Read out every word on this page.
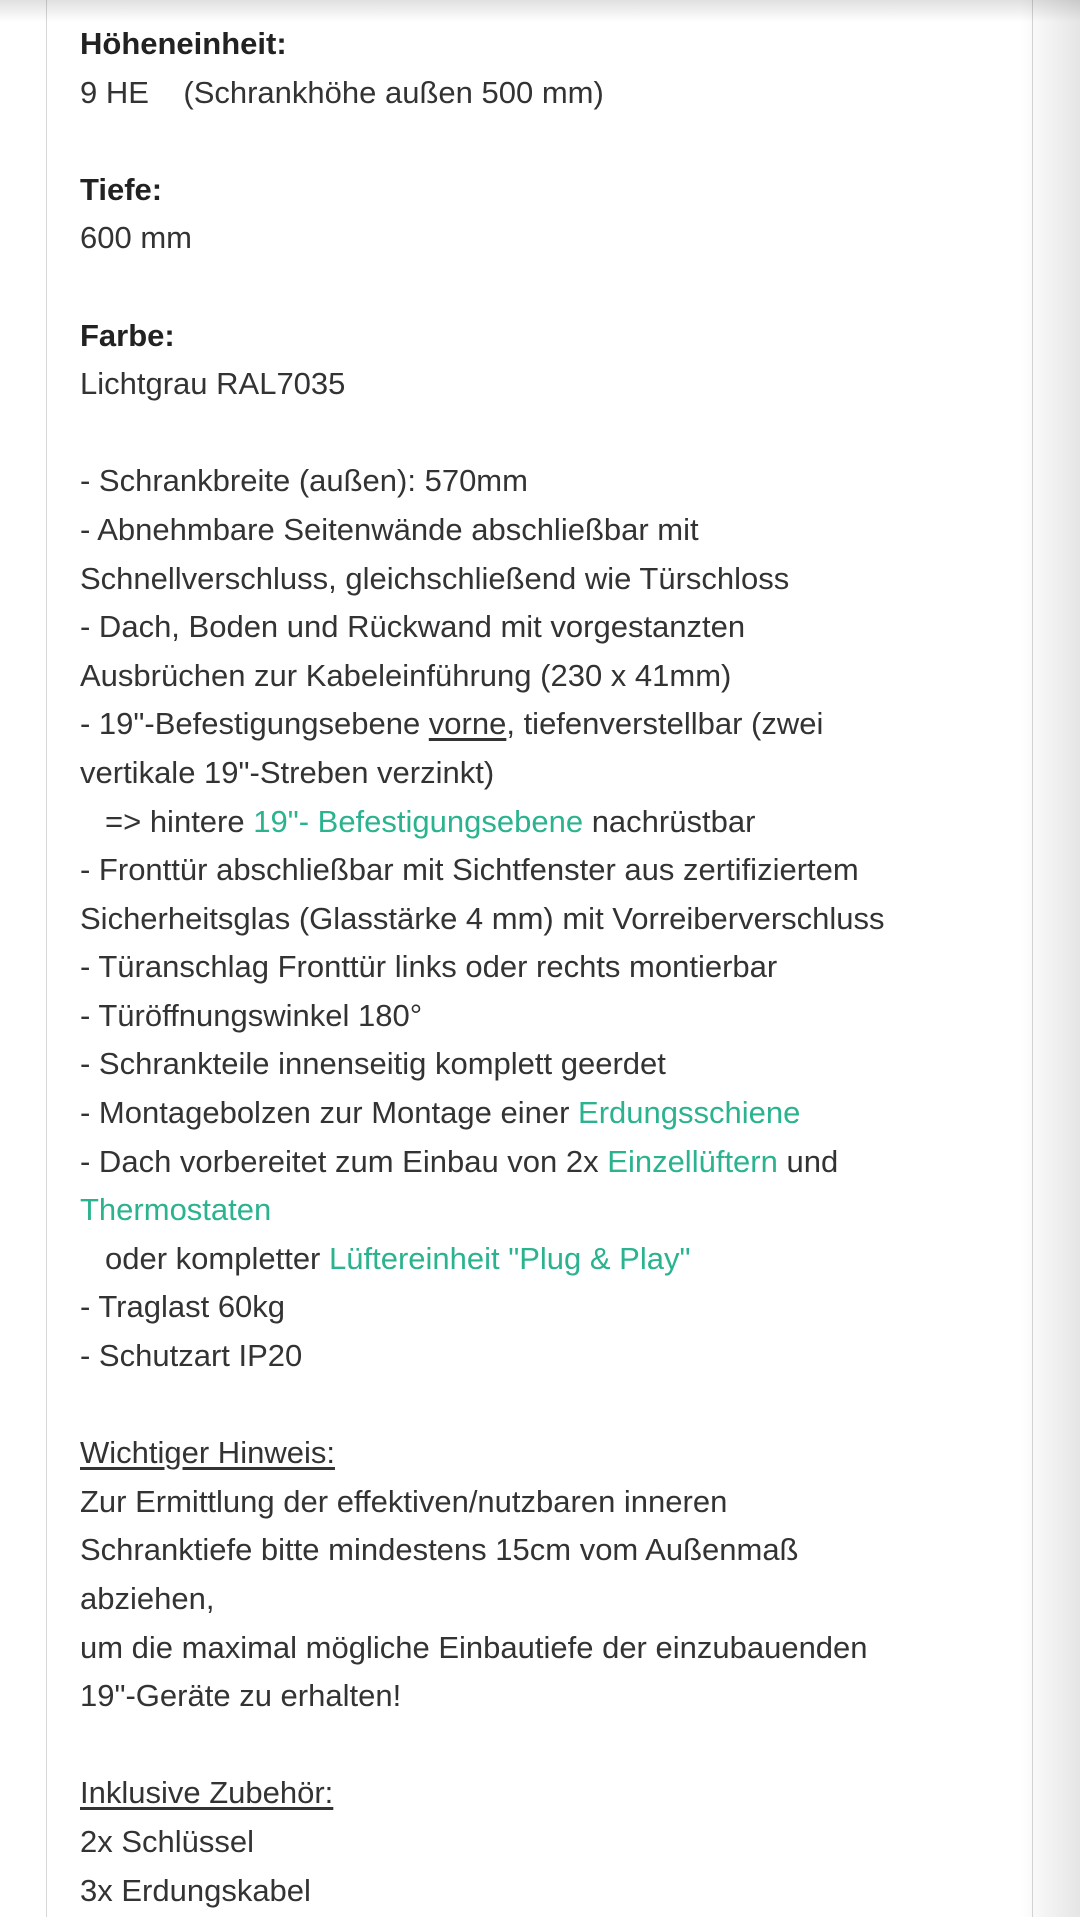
Höheneinheit:
9 HE    (Schrankhöhe außen 500 mm)
Tiefe:
600 mm
Farbe:
Lichtgrau RAL7035
- Schrankbreite (außen): 570mm
- Abnehmbare Seitenwände abschließbar mit
Schnellverschluss, gleichschließend wie Türschloss
- Dach, Boden und Rückwand mit vorgestanzten
Ausbrüchen zur Kabeleinführung (230 x 41mm)
- 19"-Befestigungsebene vorne, tiefenverstellbar (zwei
vertikale 19"-Streben verzinkt)
=> hintere 19"- Befestigungsebene nachrüstbar
- Fronttür abschließbar mit Sichtfenster aus zertifiziertem
Sicherheitsglas (Glasstärke 4 mm) mit Vorreiberverschluss
- Türanschlag Fronttür links oder rechts montierbar
- Türöffnungswinkel 180°
- Schrankteile innenseitig komplett geerdet
- Montagebolzen zur Montage einer Erdungsschiene
- Dach vorbereitet zum Einbau von 2x Einzellüftern und
Thermostaten
oder kompletter Lüftereinheit "Plug & Play"
- Traglast 60kg
- Schutzart IP20
Wichtiger Hinweis:
Zur Ermittlung der effektiven/nutzbaren inneren
Schranktiefe bitte mindestens 15cm vom Außenmaß
abziehen,
um die maximal mögliche Einbautiefe der einzubauenden
19"-Geräte zu erhalten!
Inklusive Zubehör:
2x Schlüssel
3x Erdungskabel
